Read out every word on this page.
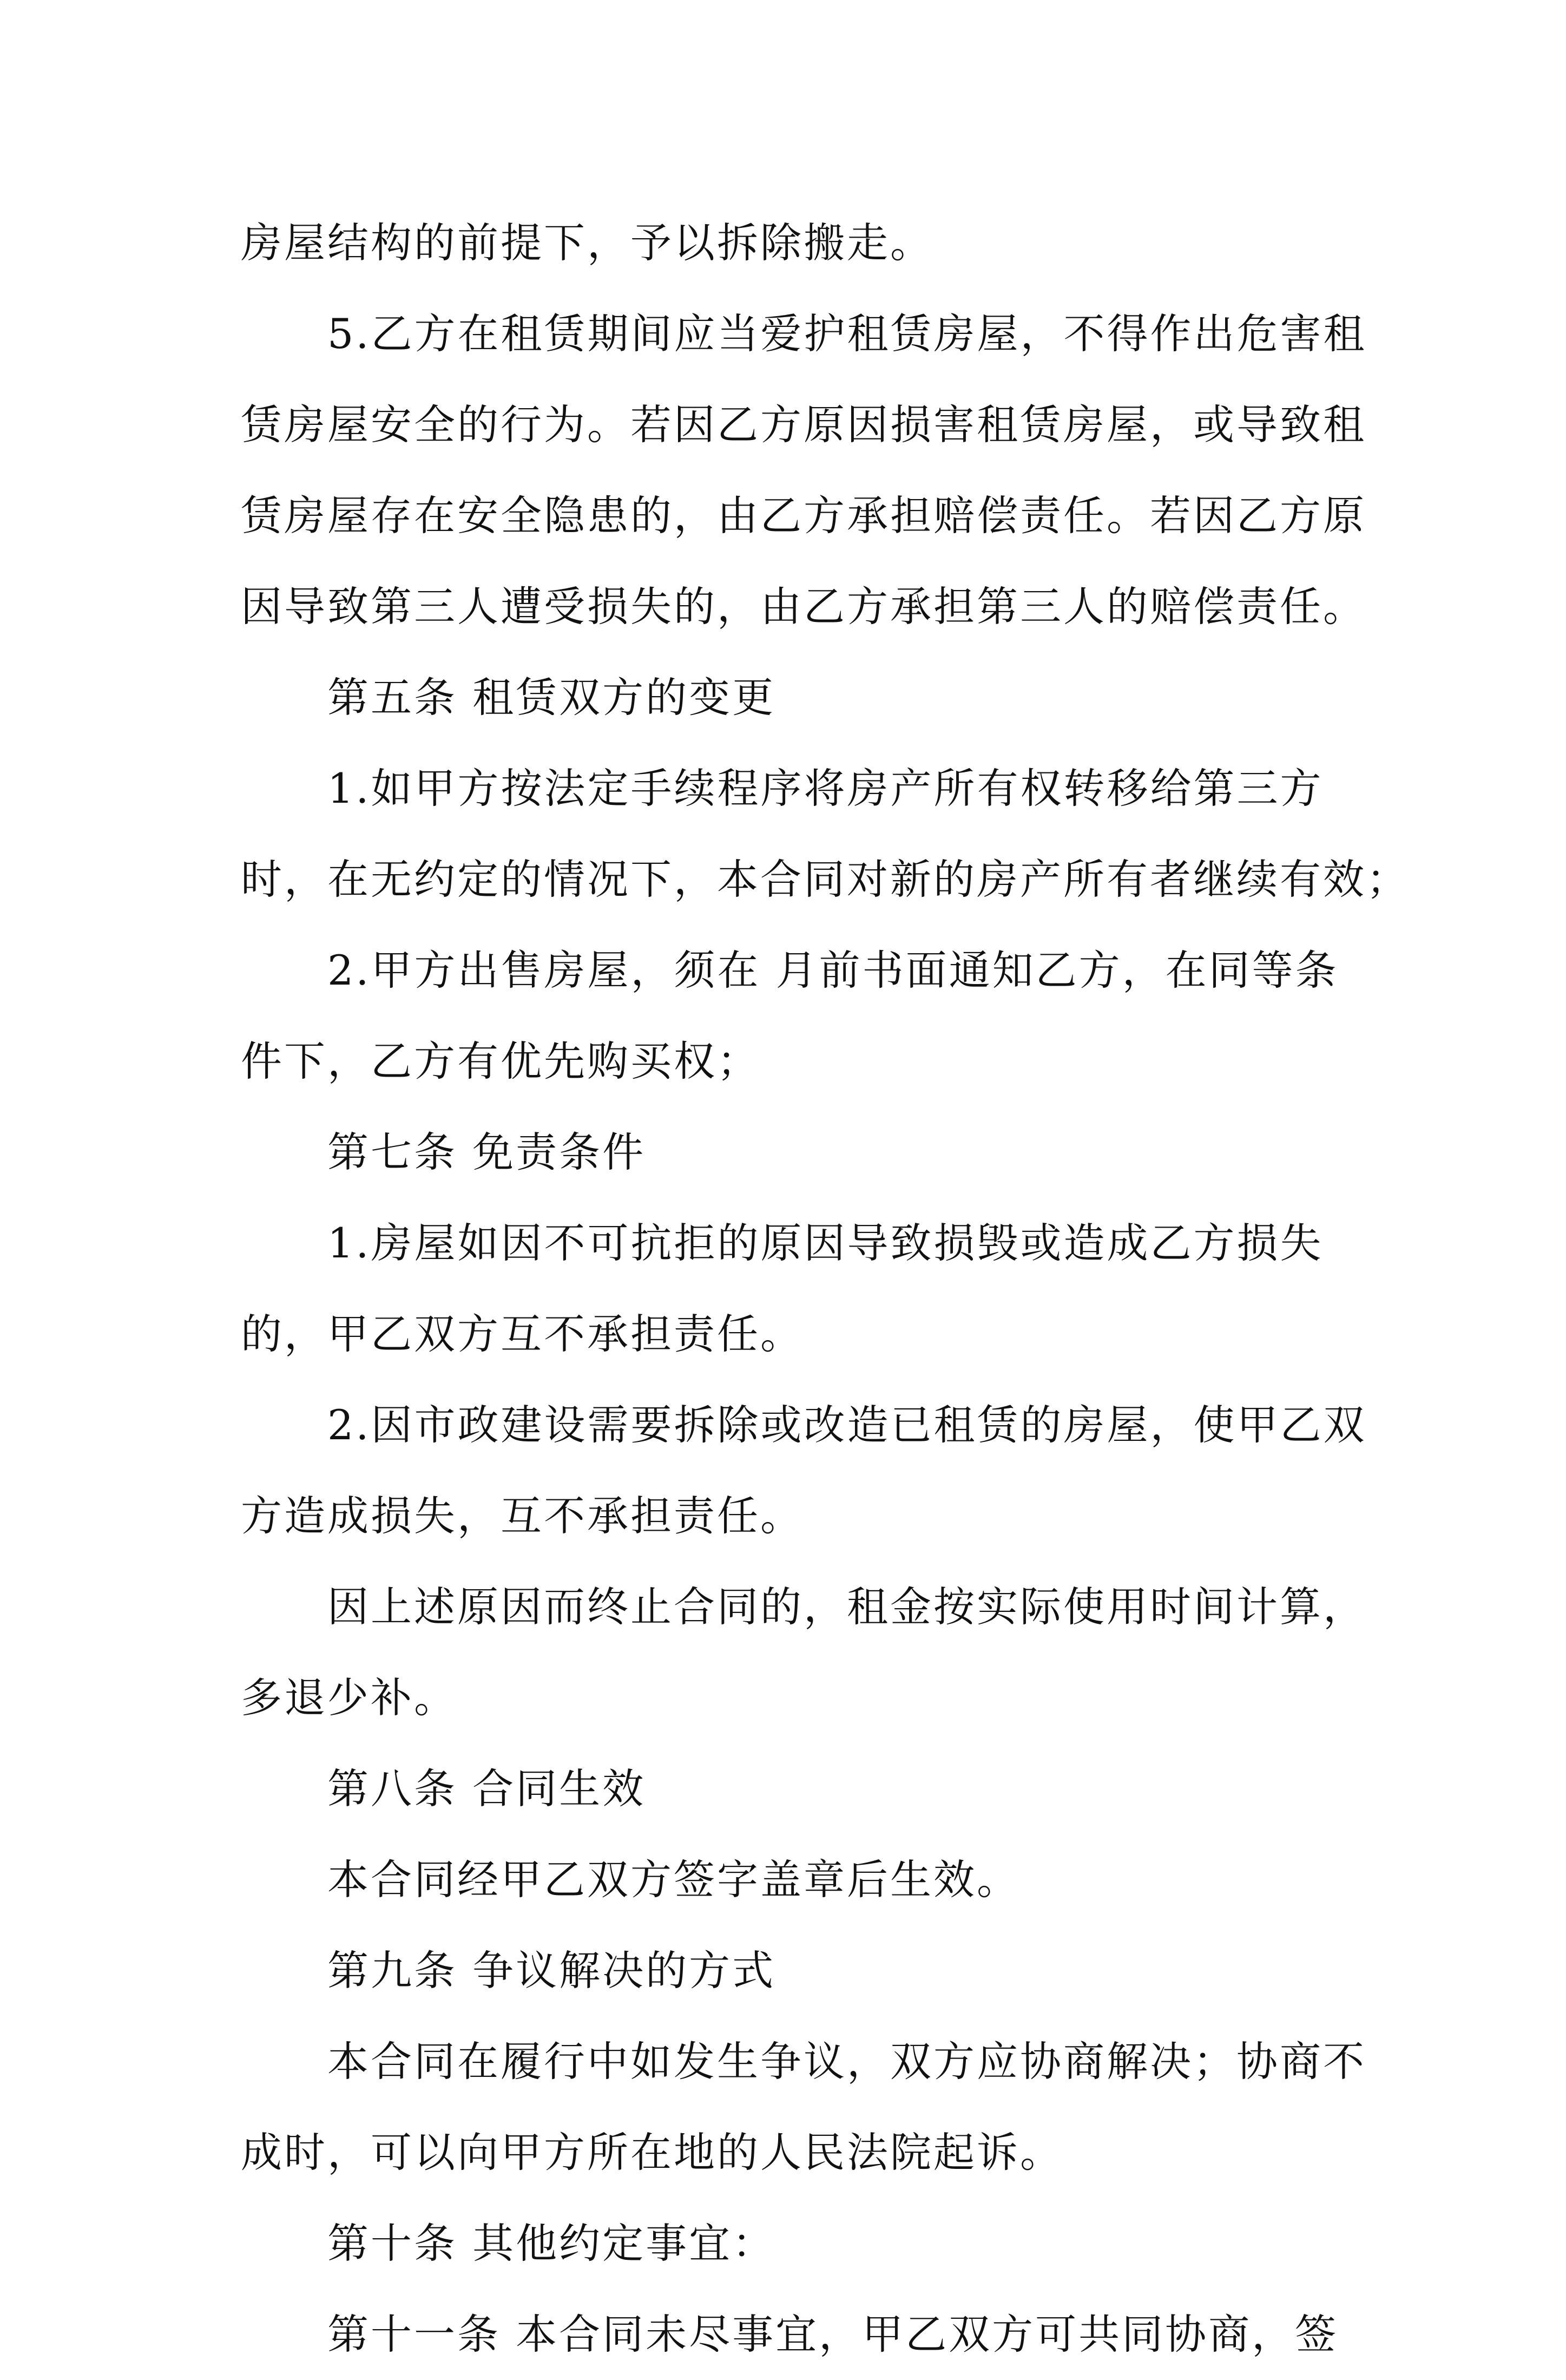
房屋结构的前提下，予以拆除搬走。
5.乙方在租赁期间应当爱护租赁房屋，不得作出危害租
赁房屋安全的行为。若因乙方原因损害租赁房屋，或导致租
赁房屋存在安全隐患的，由乙方承担赔偿责任。若因乙方原
因导致第三人遭受损失的，由乙方承担第三人的赔偿责任。
第五条 租赁双方的变更
1.如甲方按法定手续程序将房产所有权转移给第三方
时，在无约定的情况下，本合同对新的房产所有者继续有效；
2.甲方出售房屋，须在 月前书面通知乙方，在同等条
件下，乙方有优先购买权；
第七条 免责条件
1.房屋如因不可抗拒的原因导致损毁或造成乙方损失
的，甲乙双方互不承担责任。
2.因市政建设需要拆除或改造已租赁的房屋，使甲乙双
方造成损失，互不承担责任。
因上述原因而终止合同的，租金按实际使用时间计算，
多退少补。
第八条 合同生效
本合同经甲乙双方签字盖章后生效。
第九条 争议解决的方式
本合同在履行中如发生争议，双方应协商解决；协商不
成时，可以向甲方所在地的人民法院起诉。
第十条 其他约定事宜：
第十一条 本合同未尽事宜，甲乙双方可共同协商，签
